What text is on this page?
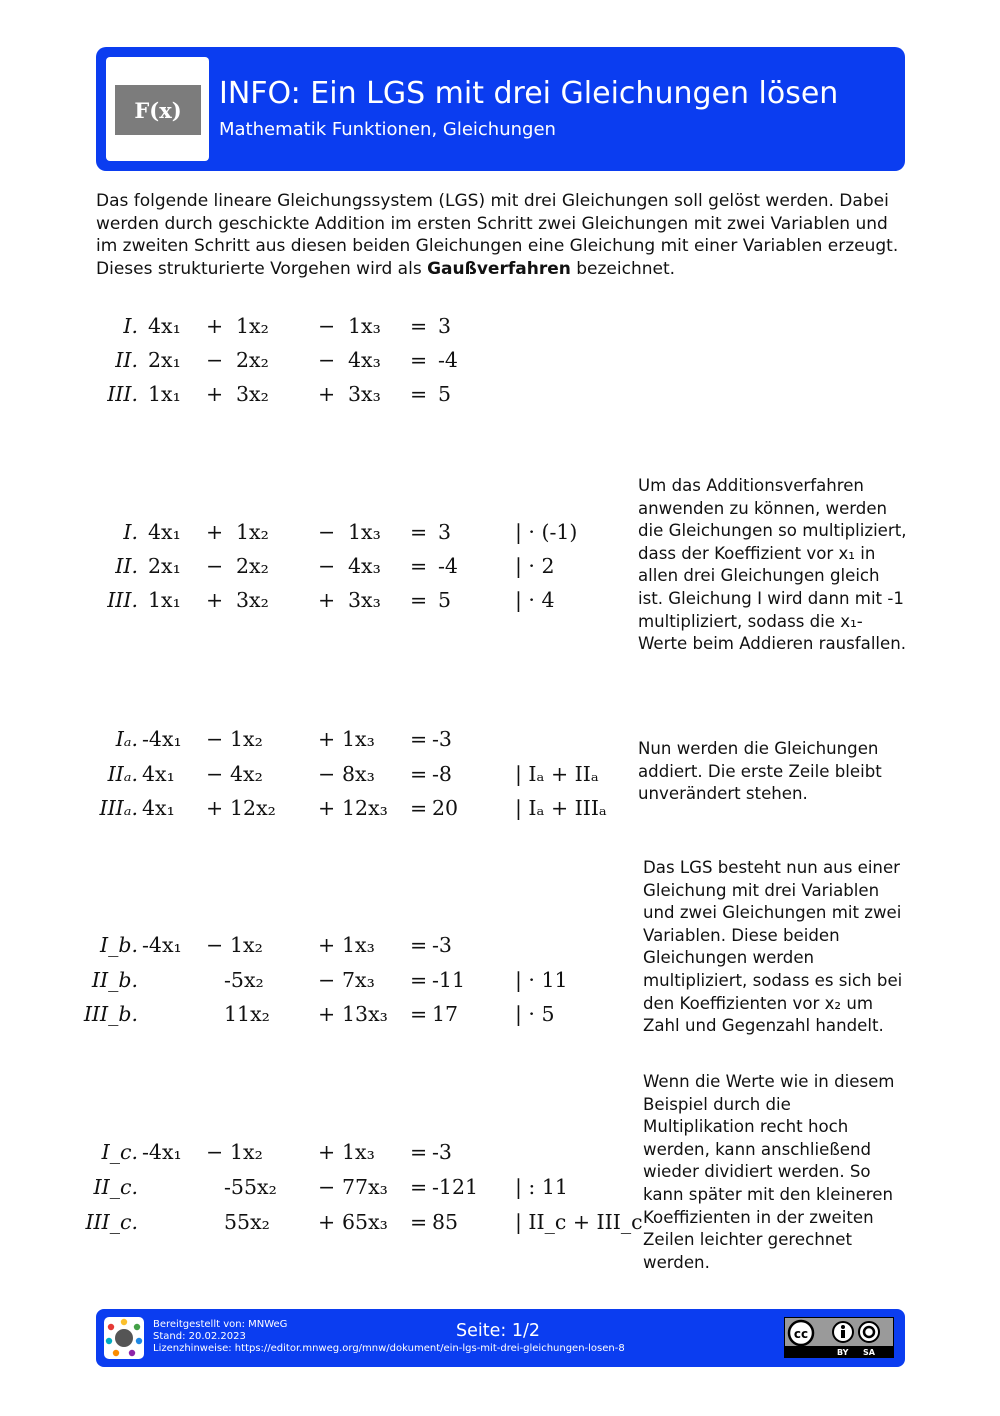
F(x)	INFO: Ein LGS mit drei Gleichungen lösen
Mathematik Funktionen, Gleichungen
Das folgende lineare Gleichungssystem (LGS) mit drei Gleichungen soll gelöst werden. Dabei werden durch geschickte Addition im ersten Schritt zwei Gleichungen mit zwei Variablen und im zweiten Schritt aus diesen beiden Gleichungen eine Gleichung mit einer Variablen erzeugt. Dieses strukturierte Vorgehen wird als Gaußverfahren bezeichnet.
I. 4x₁ + 1x₂ − 1x₃ = 3
II. 2x₁ − 2x₂ − 4x₃ = -4
III. 1x₁ + 3x₂ + 3x₃ = 5
I. 4x₁ + 1x₂ − 1x₃ = 3	| · (-1)
II. 2x₁ − 2x₂ − 4x₃ = -4	| · 2
III. 1x₁ + 3x₂ + 3x₃ = 5	| · 4
Um das Additionsverfahren anwenden zu können, werden die Gleichungen so multipliziert, dass der Koeffizient vor x₁ in allen drei Gleichungen gleich ist. Gleichung I wird dann mit -1 multipliziert, sodass die x₁-Werte beim Addieren rausfallen.
Iₐ. -4x₁ − 1x₂	+ 1x₃ = -3
IIₐ. 4x₁ − 4x₂	− 8x₃ = -8	| Iₐ + IIₐ
IIIₐ. 4x₁ + 12x₂ + 12x₃ = 20	| Iₐ + IIIₐ
Nun werden die Gleichungen addiert. Die erste Zeile bleibt unverändert stehen.
I_b. -4x₁ − 1x₂	+ 1x₃ = -3
II_b.	-5x₂	− 7x₃ = -11 | · 11
III_b.	11x₂ + 13x₃ = 17	| · 5
Das LGS besteht nun aus einer Gleichung mit drei Variablen und zwei Gleichungen mit zwei Variablen. Diese beiden Gleichungen werden multipliziert, sodass es sich bei den Koeffizienten vor x₂ um Zahl und Gegenzahl handelt.
I_c. -4x₁ − 1x₂	+ 1x₃ = -3
II_c.	-55x₂ − 77x₃ = -121 | : 11
III_c.	55x₂ + 65x₃ = 85	| II_c + III_c
Wenn die Werte wie in diesem Beispiel durch die Multiplikation recht hoch werden, kann anschließend wieder dividiert werden. So kann später mit den kleineren Koeffizienten in der zweiten Zeilen leichter gerechnet werden.
Bereitgestellt von: MNWeG
Stand: 20.02.2023
Lizenzhinweise: https://editor.mnweg.org/mnw/dokument/ein-lgs-mit-drei-gleichungen-losen-8
Seite: 1/2	cc
BY SA
